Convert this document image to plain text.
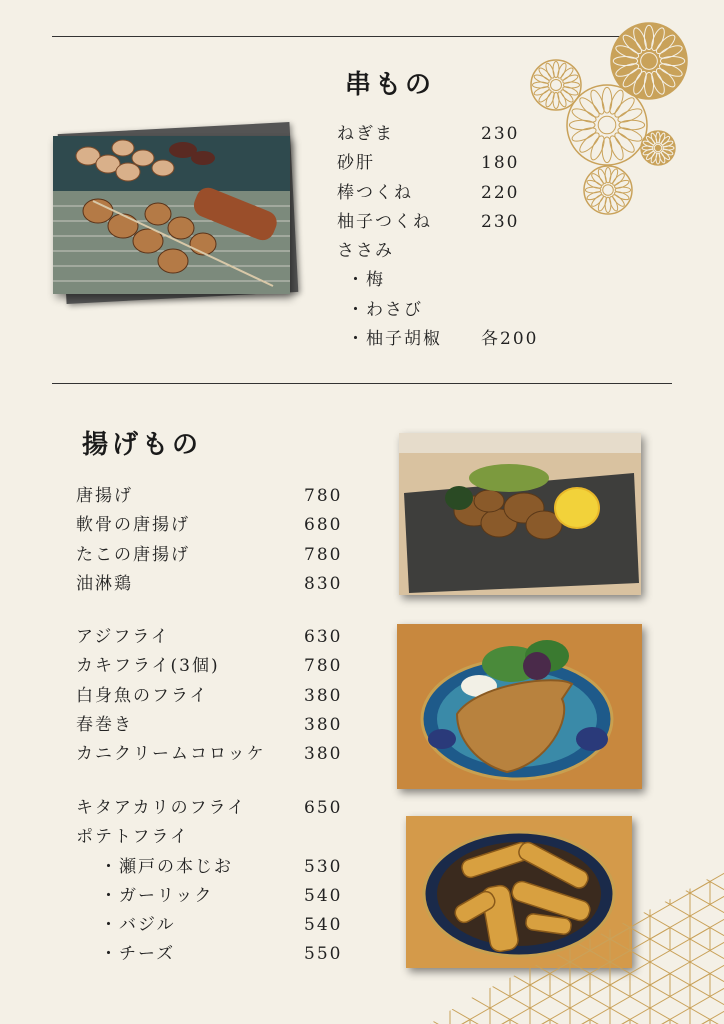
串もの
ねぎま	230
砂肝	180
棒つくね	220
柚子つくね	230
ささみ
・梅
・わさび
・柚子胡椒 各200
揚げもの
唐揚げ	780
軟骨の唐揚げ	680
たこの唐揚げ	780
油淋鶏	830
アジフライ	630
カキフライ(3個)	780
白身魚のフライ	380
春巻き	380
カニクリームコロッケ 380
キタアカリのフライ	650
ポテトフライ
・瀬戸の本じお	530
・ガーリック	540
・バジル	540
・チーズ	550
